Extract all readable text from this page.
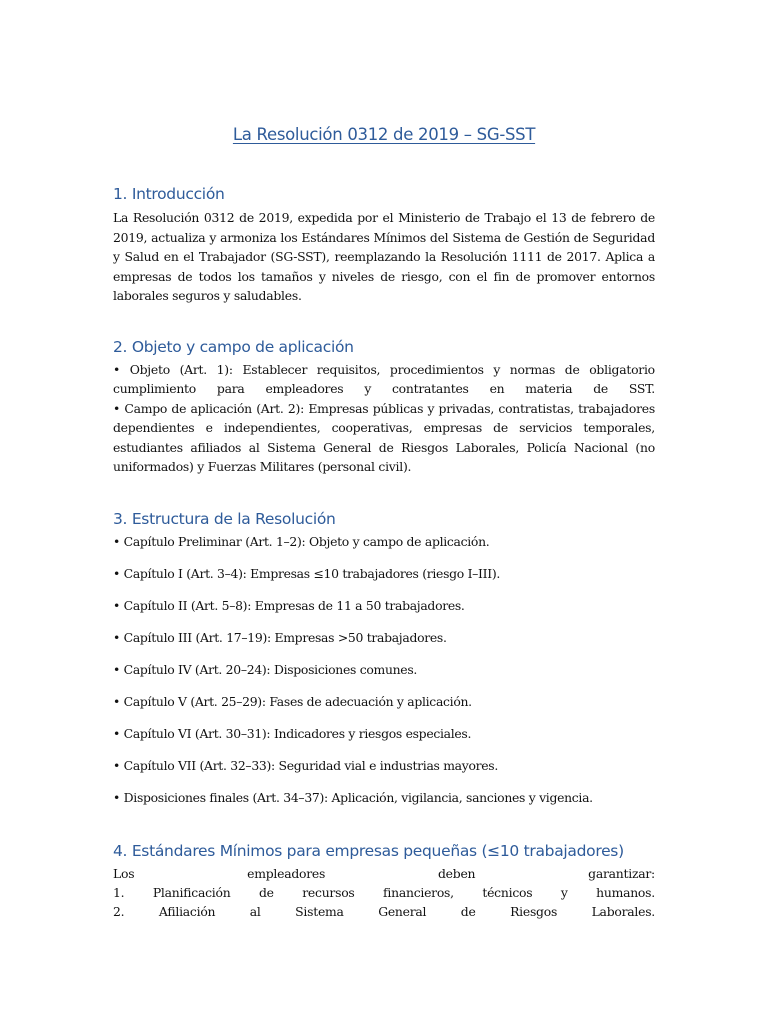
La Resolución 0312 de 2019 – SG-SST
1. Introducción

La Resolución 0312 de 2019, expedida por el Ministerio de Trabajo el 13 de febrero de 2019, actualiza y armoniza los Estándares Mínimos del Sistema de Gestión de Seguridad y Salud en el Trabajador (SG-SST), reemplazando la Resolución 1111 de 2017. Aplica a empresas de todos los tamaños y niveles de riesgo, con el fin de promover entornos laborales seguros y saludables.

2. Objeto y campo de aplicación
• Objeto (Art. 1): Establecer requisitos, procedimientos y normas de obligatorio
cumplimiento para empleadores y contratantes en materia de SST.
• Campo de aplicación (Art. 2): Empresas públicas y privadas, contratistas, trabajadores
dependientes e independientes, cooperativas, empresas de servicios temporales,
estudiantes afiliados al Sistema General de Riesgos Laborales, Policía Nacional (no
uniformados) y Fuerzas Militares (personal civil).
3. Estructura de la Resolución

• Capítulo Preliminar (Art. 1–2): Objeto y campo de aplicación.

• Capítulo I (Art. 3–4): Empresas ≤10 trabajadores (riesgo I–III).

• Capítulo II (Art. 5–8): Empresas de 11 a 50 trabajadores.

• Capítulo III (Art. 17–19): Empresas >50 trabajadores.

• Capítulo IV (Art. 20–24): Disposiciones comunes.

• Capítulo V (Art. 25–29): Fases de adecuación y aplicación.

• Capítulo VI (Art. 30–31): Indicadores y riesgos especiales.

• Capítulo VII (Art. 32–33): Seguridad vial e industrias mayores.

• Disposiciones finales (Art. 34–37): Aplicación, vigilancia, sanciones y vigencia.

4. Estándares Mínimos para empresas pequeñas (≤10 trabajadores)
Los	empleadores	deben	garantizar:
1. Planificación de recursos financieros, técnicos y humanos.
2.	Afiliación	al	Sistema	General	de	Riesgos	Laborales.
